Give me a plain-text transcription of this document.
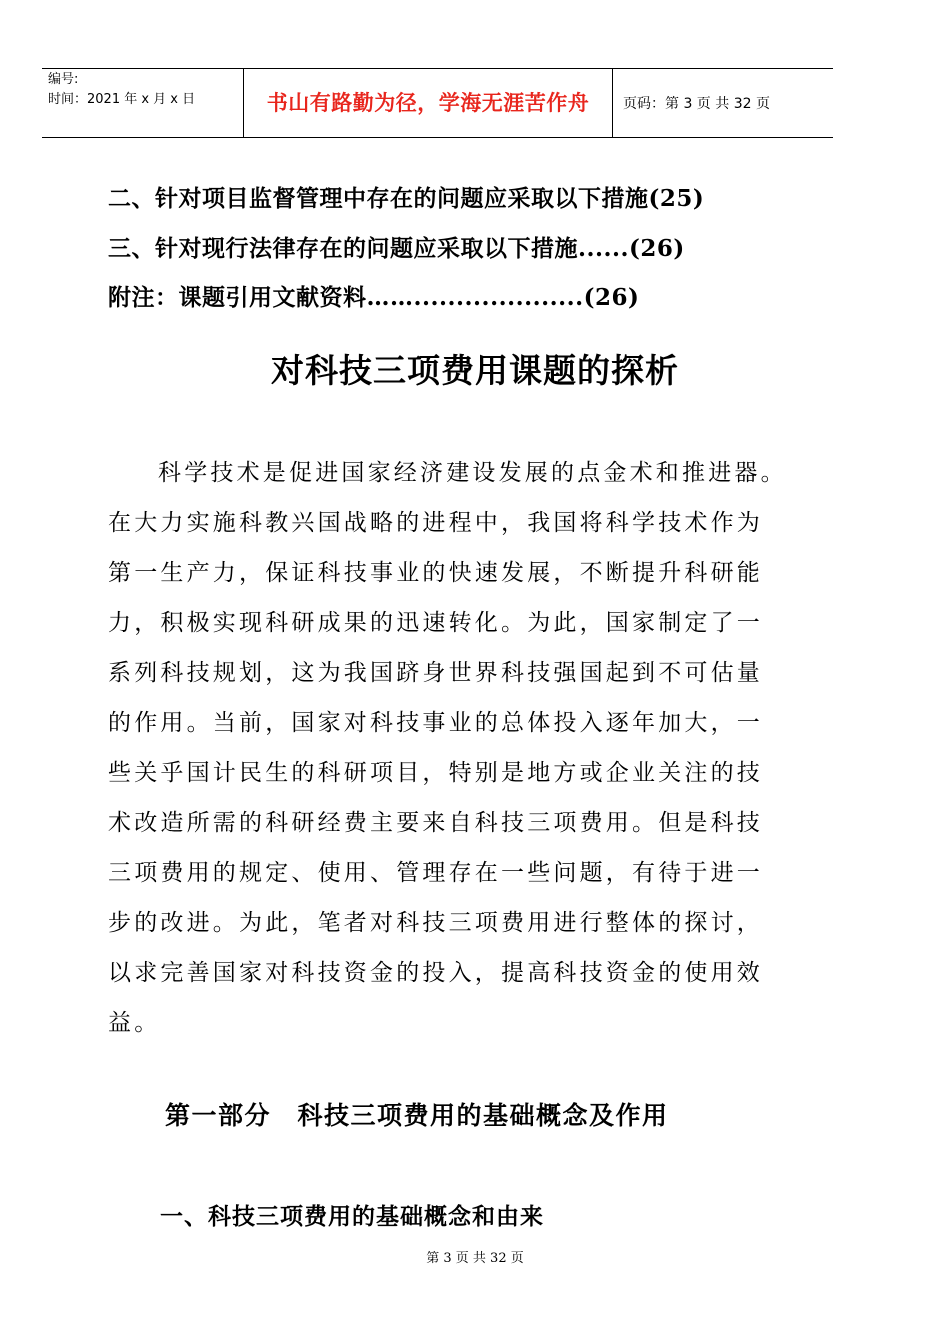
编号:
时间：2021 年 x 月 x 日	书山有路勤为径，学海无涯苦作舟	页码：第 3 页 共 32 页
二、针对项目监督管理中存在的问题应采取以下措施(25)
三、针对现行法律存在的问题应采取以下措施......(26)
附注：课题引用文献资料……....................(26)
对科技三项费用课题的探析

科学技术是促进国家经济建设发展的点金术和推进器。
在大力实施科教兴国战略的进程中，我国将科学技术作为
第一生产力，保证科技事业的快速发展，不断提升科研能
力，积极实现科研成果的迅速转化。为此，国家制定了一
系列科技规划，这为我国跻身世界科技强国起到不可估量
的作用。当前，国家对科技事业的总体投入逐年加大，一
些关乎国计民生的科研项目，特别是地方或企业关注的技
术改造所需的科研经费主要来自科技三项费用。但是科技
三项费用的规定、使用、管理存在一些问题，有待于进一
步的改进。为此，笔者对科技三项费用进行整体的探讨，
以求完善国家对科技资金的投入，提高科技资金的使用效
益。

第一部分　科技三项费用的基础概念及作用
一、科技三项费用的基础概念和由来
第 3 页 共 32 页
